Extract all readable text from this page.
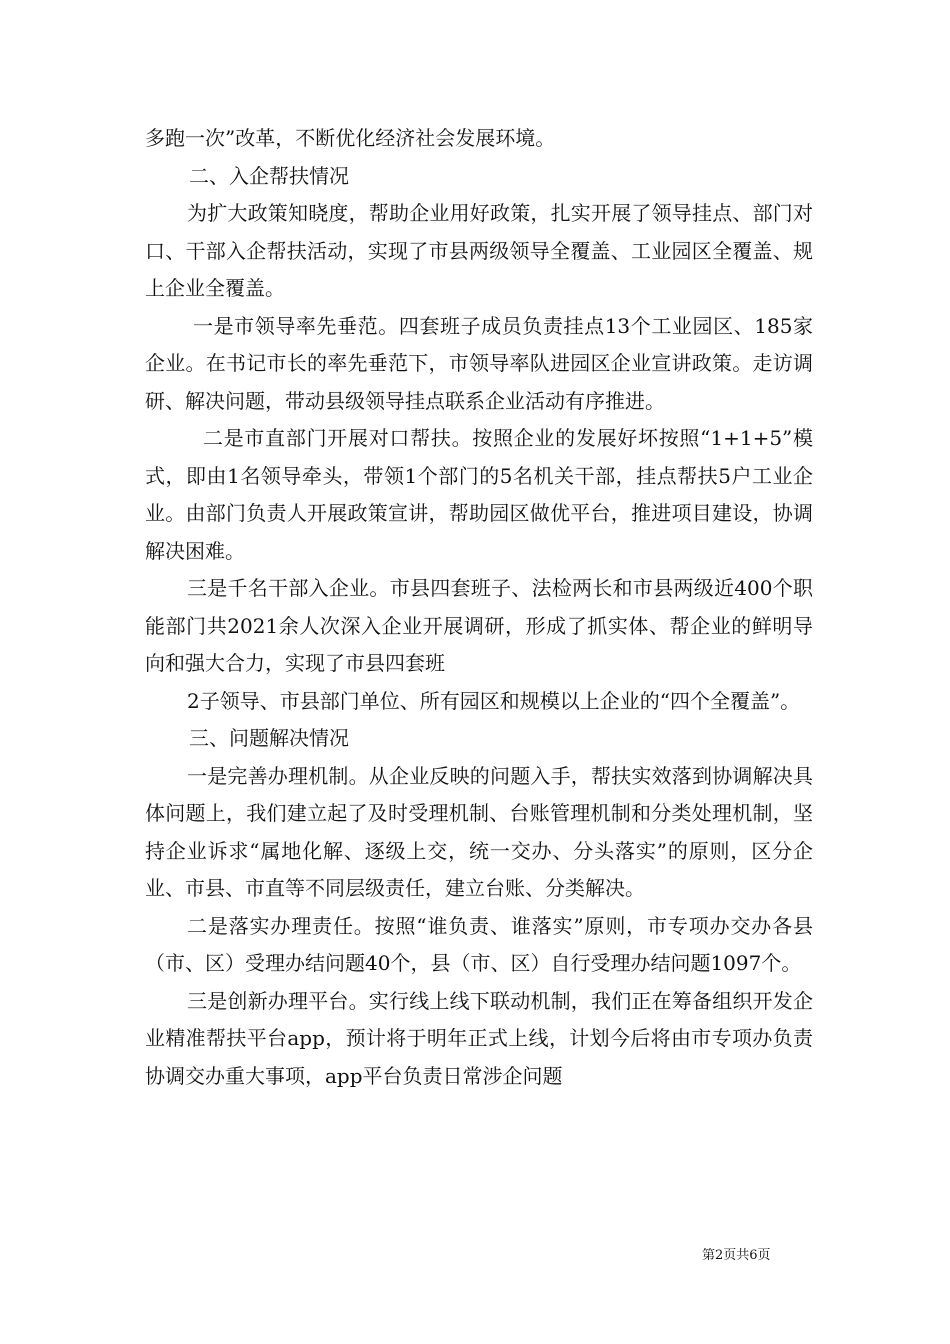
多跑一次”改革，不断优化经济社会发展环境。

二、入企帮扶情况

为扩大政策知晓度，帮助企业用好政策，扎实开展了领导挂点、部门对口、干部入企帮扶活动，实现了市县两级领导全覆盖、工业园区全覆盖、规上企业全覆盖。

一是市领导率先垂范。四套班子成员负责挂点13个工业园区、185家企业。在书记市长的率先垂范下，市领导率队进园区企业宣讲政策。走访调研、解决问题，带动县级领导挂点联系企业活动有序推进。

二是市直部门开展对口帮扶。按照企业的发展好坏按照“1+1+5”模式，即由1名领导牵头，带领1个部门的5名机关干部，挂点帮扶5户工业企业。由部门负责人开展政策宣讲，帮助园区做优平台，推进项目建设，协调解决困难。

三是千名干部入企业。市县四套班子、法检两长和市县两级近400个职能部门共2021余人次深入企业开展调研，形成了抓实体、帮企业的鲜明导向和强大合力，实现了市县四套班

2子领导、市县部门单位、所有园区和规模以上企业的“四个全覆盖”。

三、问题解决情况

一是完善办理机制。从企业反映的问题入手，帮扶实效落到协调解决具体问题上，我们建立起了及时受理机制、台账管理机制和分类处理机制，坚持企业诉求“属地化解、逐级上交，统一交办、分头落实”的原则，区分企业、市县、市直等不同层级责任，建立台账、分类解决。

二是落实办理责任。按照“谁负责、谁落实”原则，市专项办交办各县（市、区）受理办结问题40个，县（市、区）自行受理办结问题1097个。

三是创新办理平台。实行线上线下联动机制，我们正在筹备组织开发企业精准帮扶平台app，预计将于明年正式上线，计划今后将由市专项办负责协调交办重大事项，app平台负责日常涉企问题

第2页共6页
